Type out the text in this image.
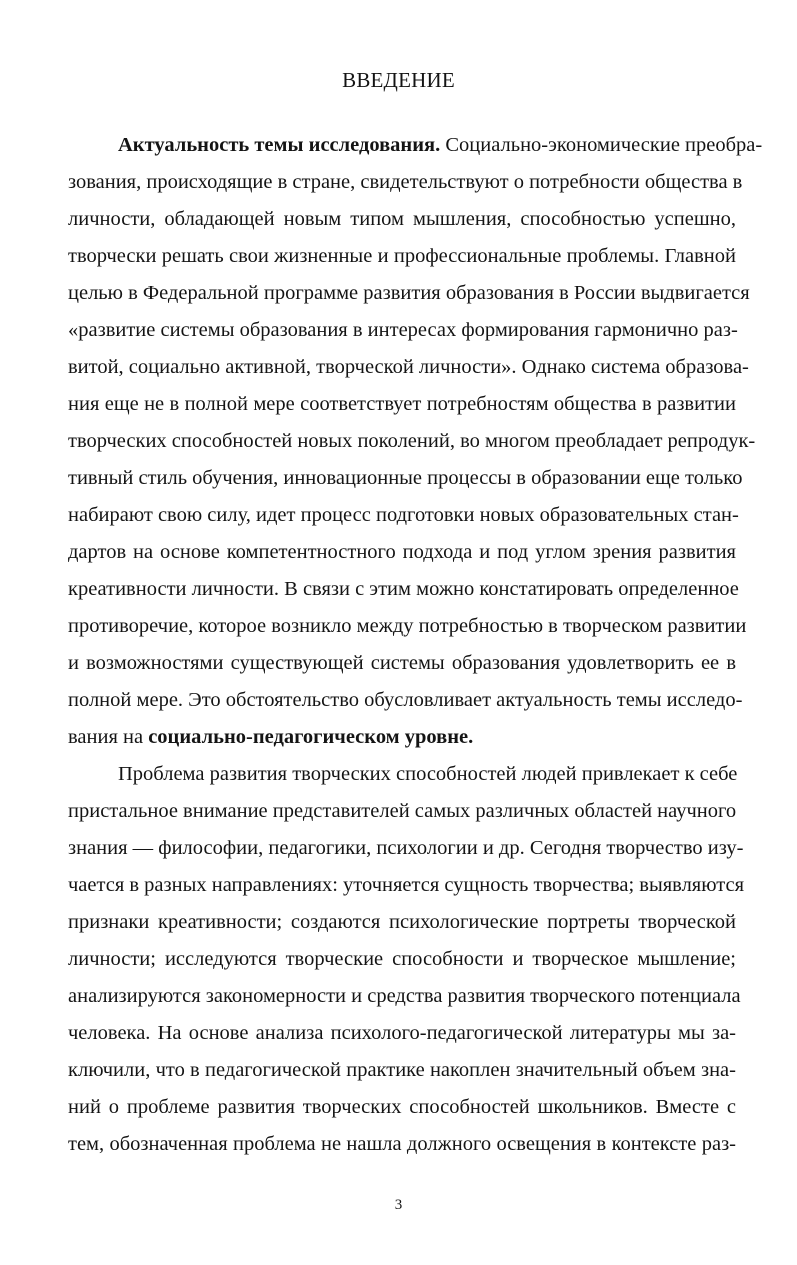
ВВЕДЕНИЕ
Актуальность темы исследования. Социально-экономические преобра-
зования, происходящие в стране, свидетельствуют о потребности общества в
личности, обладающей новым типом мышления, способностью успешно,
творчески решать свои жизненные и профессиональные проблемы. Главной
целью в Федеральной программе развития образования в России выдвигается
«развитие системы образования в интересах формирования гармонично раз-
витой, социально активной, творческой личности». Однако система образова-
ния еще не в полной мере соответствует потребностям общества в развитии
творческих способностей новых поколений, во многом преобладает репродук-
тивный стиль обучения, инновационные процессы в образовании еще только
набирают свою силу, идет процесс подготовки новых образовательных стан-
дартов на основе компетентностного подхода и под углом зрения развития
креативности личности. В связи с этим можно констатировать определенное
противоречие, которое возникло между потребностью в творческом развитии
и возможностями существующей системы образования удовлетворить ее в
полной мере. Это обстоятельство обусловливает актуальность темы исследо-
вания на социально-педагогическом уровне.
Проблема развития творческих способностей людей привлекает к себе
пристальное внимание представителей самых различных областей научного
знания — философии, педагогики, психологии и др. Сегодня творчество изу-
чается в разных направлениях: уточняется сущность творчества; выявляются
признаки креативности; создаются психологические портреты творческой
личности; исследуются творческие способности и творческое мышление;
анализируются закономерности и средства развития творческого потенциала
человека. На основе анализа психолого-педагогической литературы мы за-
ключили, что в педагогической практике накоплен значительный объем зна-
ний о проблеме развития творческих способностей школьников. Вместе с
тем, обозначенная проблема не нашла должного освещения в контексте раз-
3
